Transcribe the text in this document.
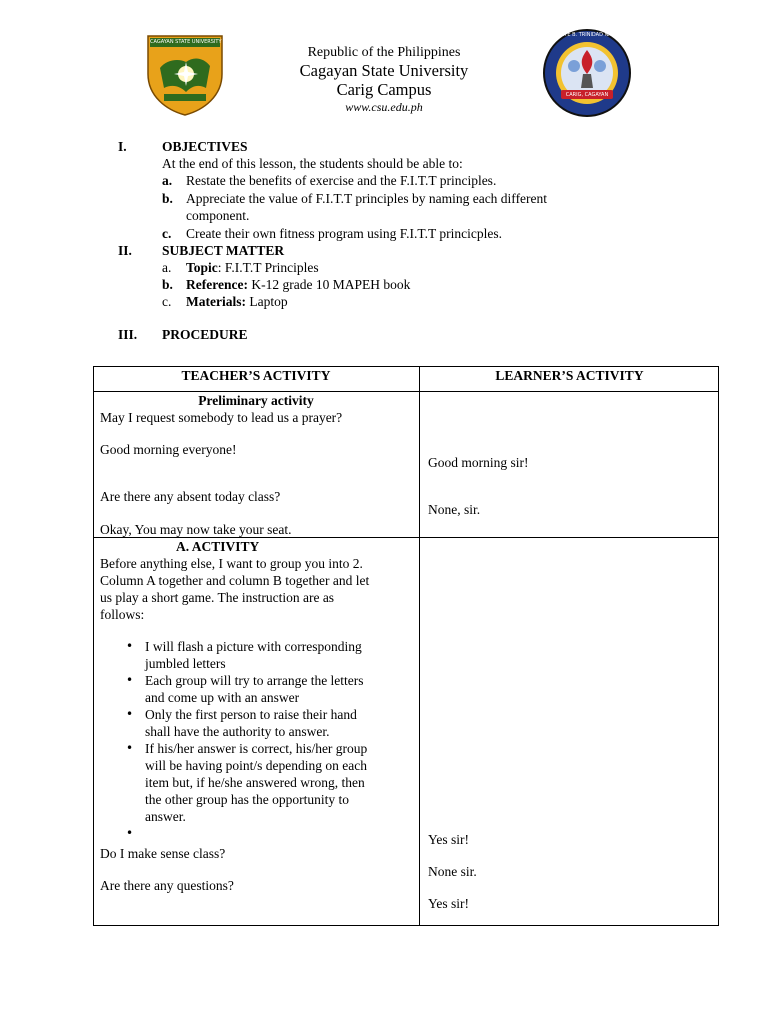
CAGAYAN STATE UNIVERSITY
VICENTE B. TRINIDAD NATIONAL HIGH SCHOOL
CARIG, CAGAYAN
Republic of the Philippines
Cagayan State University
Carig Campus
www.csu.edu.ph
I.	OBJECTIVES
At the end of this lesson, the students should be able to:
a. Restate the benefits of exercise and the F.I.T.T principles.
b. Appreciate the value of F.I.T.T principles by naming each different
component.
c. Create their own fitness program using F.I.T.T princicples.
II. SUBJECT MATTER
a. Topic: F.I.T.T Principles
b. Reference: K-12 grade 10 MAPEH book
c. Materials: Laptop
III. PROCEDURE
TEACHER’S ACTIVITY	LEARNER’S ACTIVITY
Preliminary activity
May I request somebody to lead us a prayer?
Good morning everyone!
Are there any absent today class?
Okay, You may now take your seat.
Good morning sir!
None, sir.
A. ACTIVITY
Before anything else, I want to group you into 2.
Column A together and column B together and let
us play a short game. The instruction are as
follows:
• I will flash a picture with corresponding
jumbled letters
• Each group will try to arrange the letters
and come up with an answer
• Only the first person to raise their hand
shall have the authority to answer.
• If his/her answer is correct, his/her group
will be having point/s depending on each
item but, if he/she answered wrong, then
the other group has the opportunity to
answer.
•

Do I make sense class?
Are there any questions?
Yes sir!
None sir.
Yes sir!
